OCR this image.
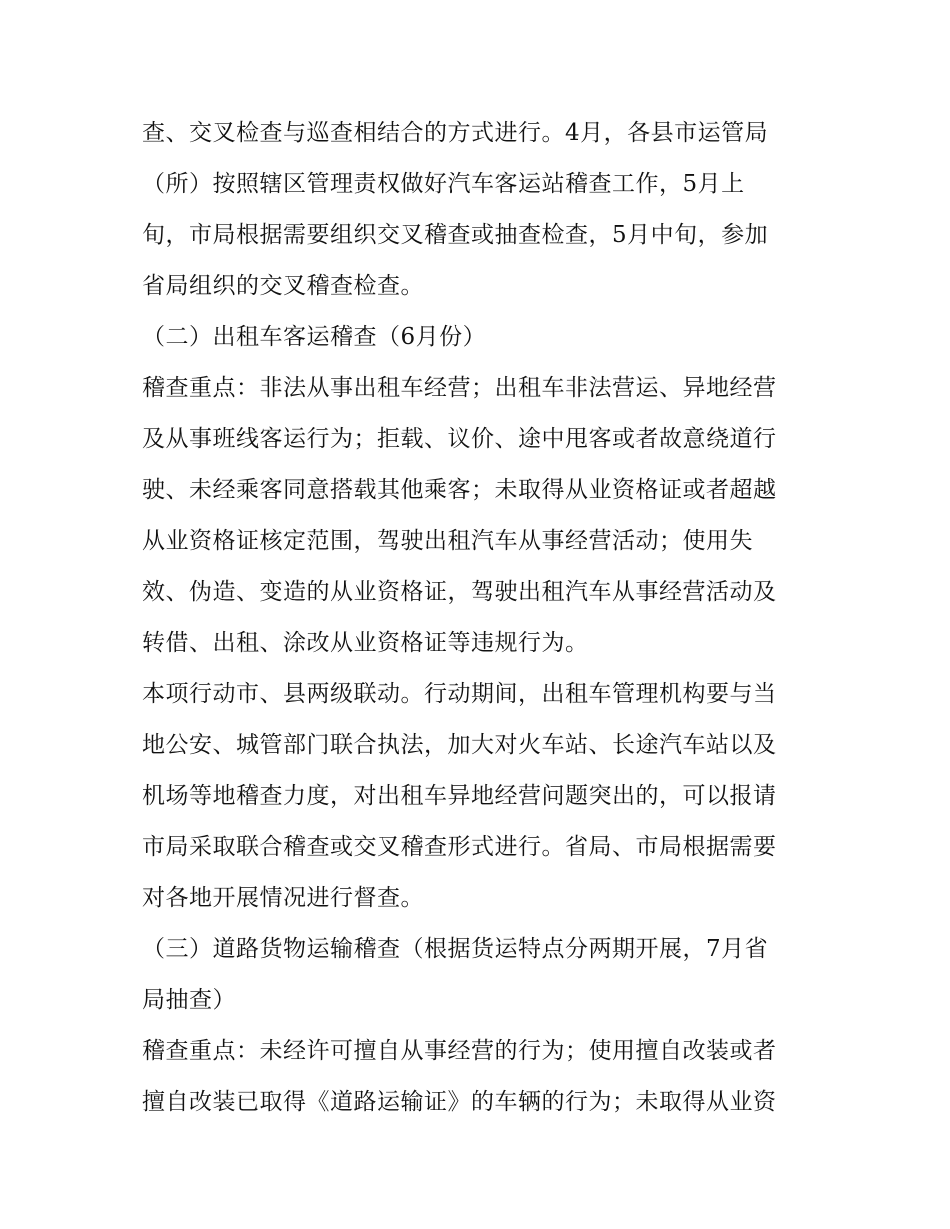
查、交叉检查与巡查相结合的方式进行。4月，各县市运管局
（所）按照辖区管理责权做好汽车客运站稽查工作，5月上
旬，市局根据需要组织交叉稽查或抽查检查，5月中旬，参加
省局组织的交叉稽查检查。
（二）出租车客运稽查（6月份）
稽查重点：非法从事出租车经营；出租车非法营运、异地经营
及从事班线客运行为；拒载、议价、途中甩客或者故意绕道行
驶、未经乘客同意搭载其他乘客；未取得从业资格证或者超越
从业资格证核定范围，驾驶出租汽车从事经营活动；使用失
效、伪造、变造的从业资格证，驾驶出租汽车从事经营活动及
转借、出租、涂改从业资格证等违规行为。
本项行动市、县两级联动。行动期间，出租车管理机构要与当
地公安、城管部门联合执法，加大对火车站、长途汽车站以及
机场等地稽查力度，对出租车异地经营问题突出的，可以报请
市局采取联合稽查或交叉稽查形式进行。省局、市局根据需要
对各地开展情况进行督查。
（三）道路货物运输稽查（根据货运特点分两期开展，7月省
局抽查）
稽查重点：未经许可擅自从事经营的行为；使用擅自改装或者
擅自改装已取得《道路运输证》的车辆的行为；未取得从业资
